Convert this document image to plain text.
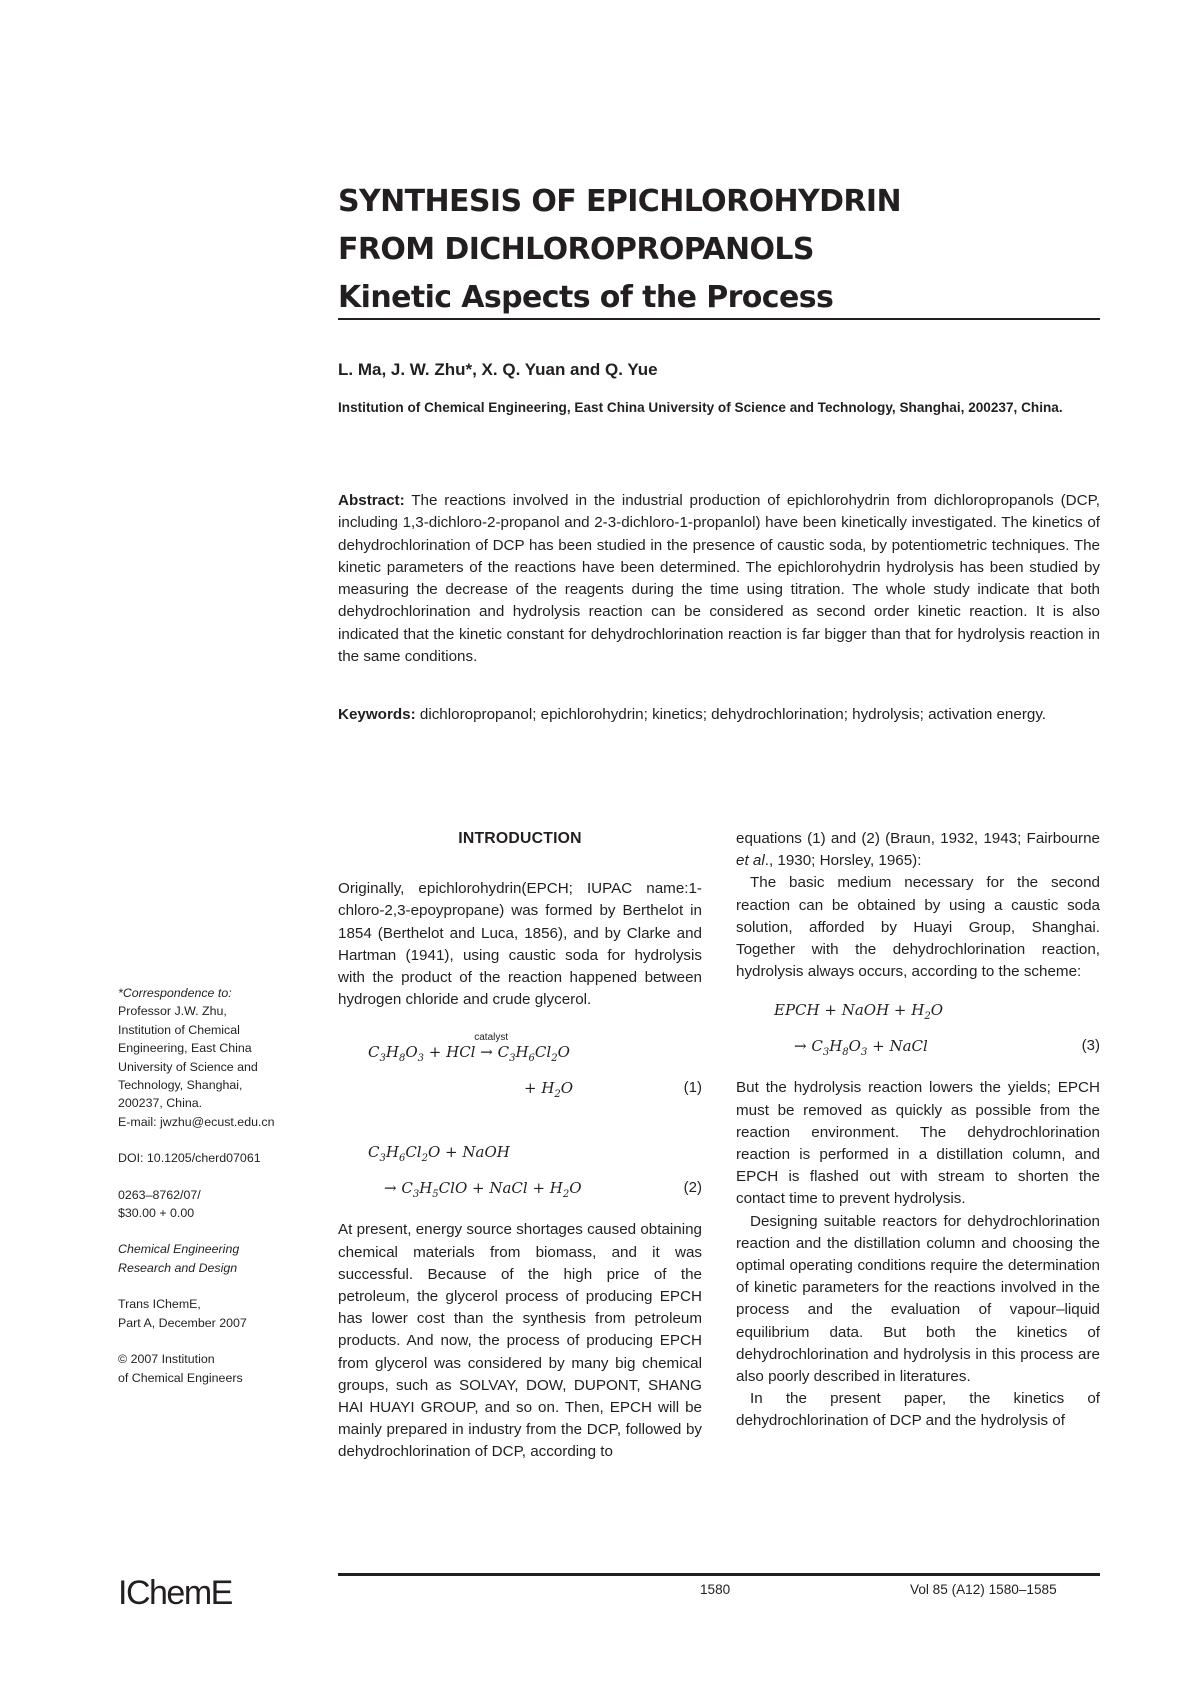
SYNTHESIS OF EPICHLOROHYDRIN
FROM DICHLOROPROPANOLS
Kinetic Aspects of the Process
L. Ma, J. W. Zhu*, X. Q. Yuan and Q. Yue
Institution of Chemical Engineering, East China University of Science and Technology, Shanghai, 200237, China.
Abstract: The reactions involved in the industrial production of epichlorohydrin from dichloropropanols (DCP, including 1,3-dichloro-2-propanol and 2-3-dichloro-1-propanlol) have been kinetically investigated. The kinetics of dehydrochlorination of DCP has been studied in the presence of caustic soda, by potentiometric techniques. The kinetic parameters of the reactions have been determined. The epichlorohydrin hydrolysis has been studied by measuring the decrease of the reagents during the time using titration. The whole study indicate that both dehydrochlorination and hydrolysis reaction can be considered as second order kinetic reaction. It is also indicated that the kinetic constant for dehydrochlorination reaction is far bigger than that for hydrolysis reaction in the same conditions.
Keywords: dichloropropanol; epichlorohydrin; kinetics; dehydrochlorination; hydrolysis; activation energy.

*Correspondence to:
Professor J.W. Zhu,
Institution of Chemical
Engineering, East China
University of Science and
Technology, Shanghai,
200237, China.
E-mail: jwzhu@ecust.edu.cn

DOI: 10.1205/cherd07061

0263–8762/07/
$30.00 + 0.00

Chemical Engineering
Research and Design

Trans IChemE,
Part A, December 2007

© 2007 Institution
of Chemical Engineers

INTRODUCTION

Originally, epichlorohydrin(EPCH; IUPAC name:1-chloro-2,3-epoypropane) was formed by Berthelot in 1854 (Berthelot and Luca, 1856), and by Clarke and Hartman (1941), using caustic soda for hydrolysis with the product of the reaction happened between hydrogen chloride and crude glycerol.

$C_3H_8O_3$ + HCl
catalyst
→ $C_3H_6Cl_2O$
+ $H_2O$	(1)
$C_3H_6Cl_2O$ + NaOH
→ $C_3H_5ClO$ + NaCl + $H_2O$	(2)

At present, energy source shortages caused obtaining chemical materials from biomass, and it was successful. Because of the high price of the petroleum, the glycerol process of producing EPCH has lower cost than the synthesis from petroleum products. And now, the process of producing EPCH from glycerol was considered by many big chemical groups, such as SOLVAY, DOW, DUPONT, SHANG HAI HUAYI GROUP, and so on. Then, EPCH will be mainly prepared in industry from the DCP, followed by dehydrochlorination of DCP, according to

equations (1) and (2) (Braun, 1932, 1943; Fairbourne et al., 1930; Horsley, 1965):

The basic medium necessary for the second reaction can be obtained by using a caustic soda solution, afforded by Huayi Group, Shanghai. Together with the dehydrochlorination reaction, hydrolysis always occurs, according to the scheme:

EPCH + NaOH + $H_2O$
→ $C_3H_8O_3$ + NaCl	(3)

But the hydrolysis reaction lowers the yields; EPCH must be removed as quickly as possible from the reaction environment. The dehydrochlorination reaction is performed in a distillation column, and EPCH is flashed out with stream to shorten the contact time to prevent hydrolysis.

Designing suitable reactors for dehydrochlorination reaction and the distillation column and choosing the optimal operating conditions require the determination of kinetic parameters for the reactions involved in the process and the evaluation of vapour–liquid equilibrium data. But both the kinetics of dehydrochlorination and hydrolysis in this process are also poorly described in literatures.

In the present paper, the kinetics of dehydrochlorination of DCP and the hydrolysis of

IChemE	1580	Vol 85 (A12) 1580–1585
